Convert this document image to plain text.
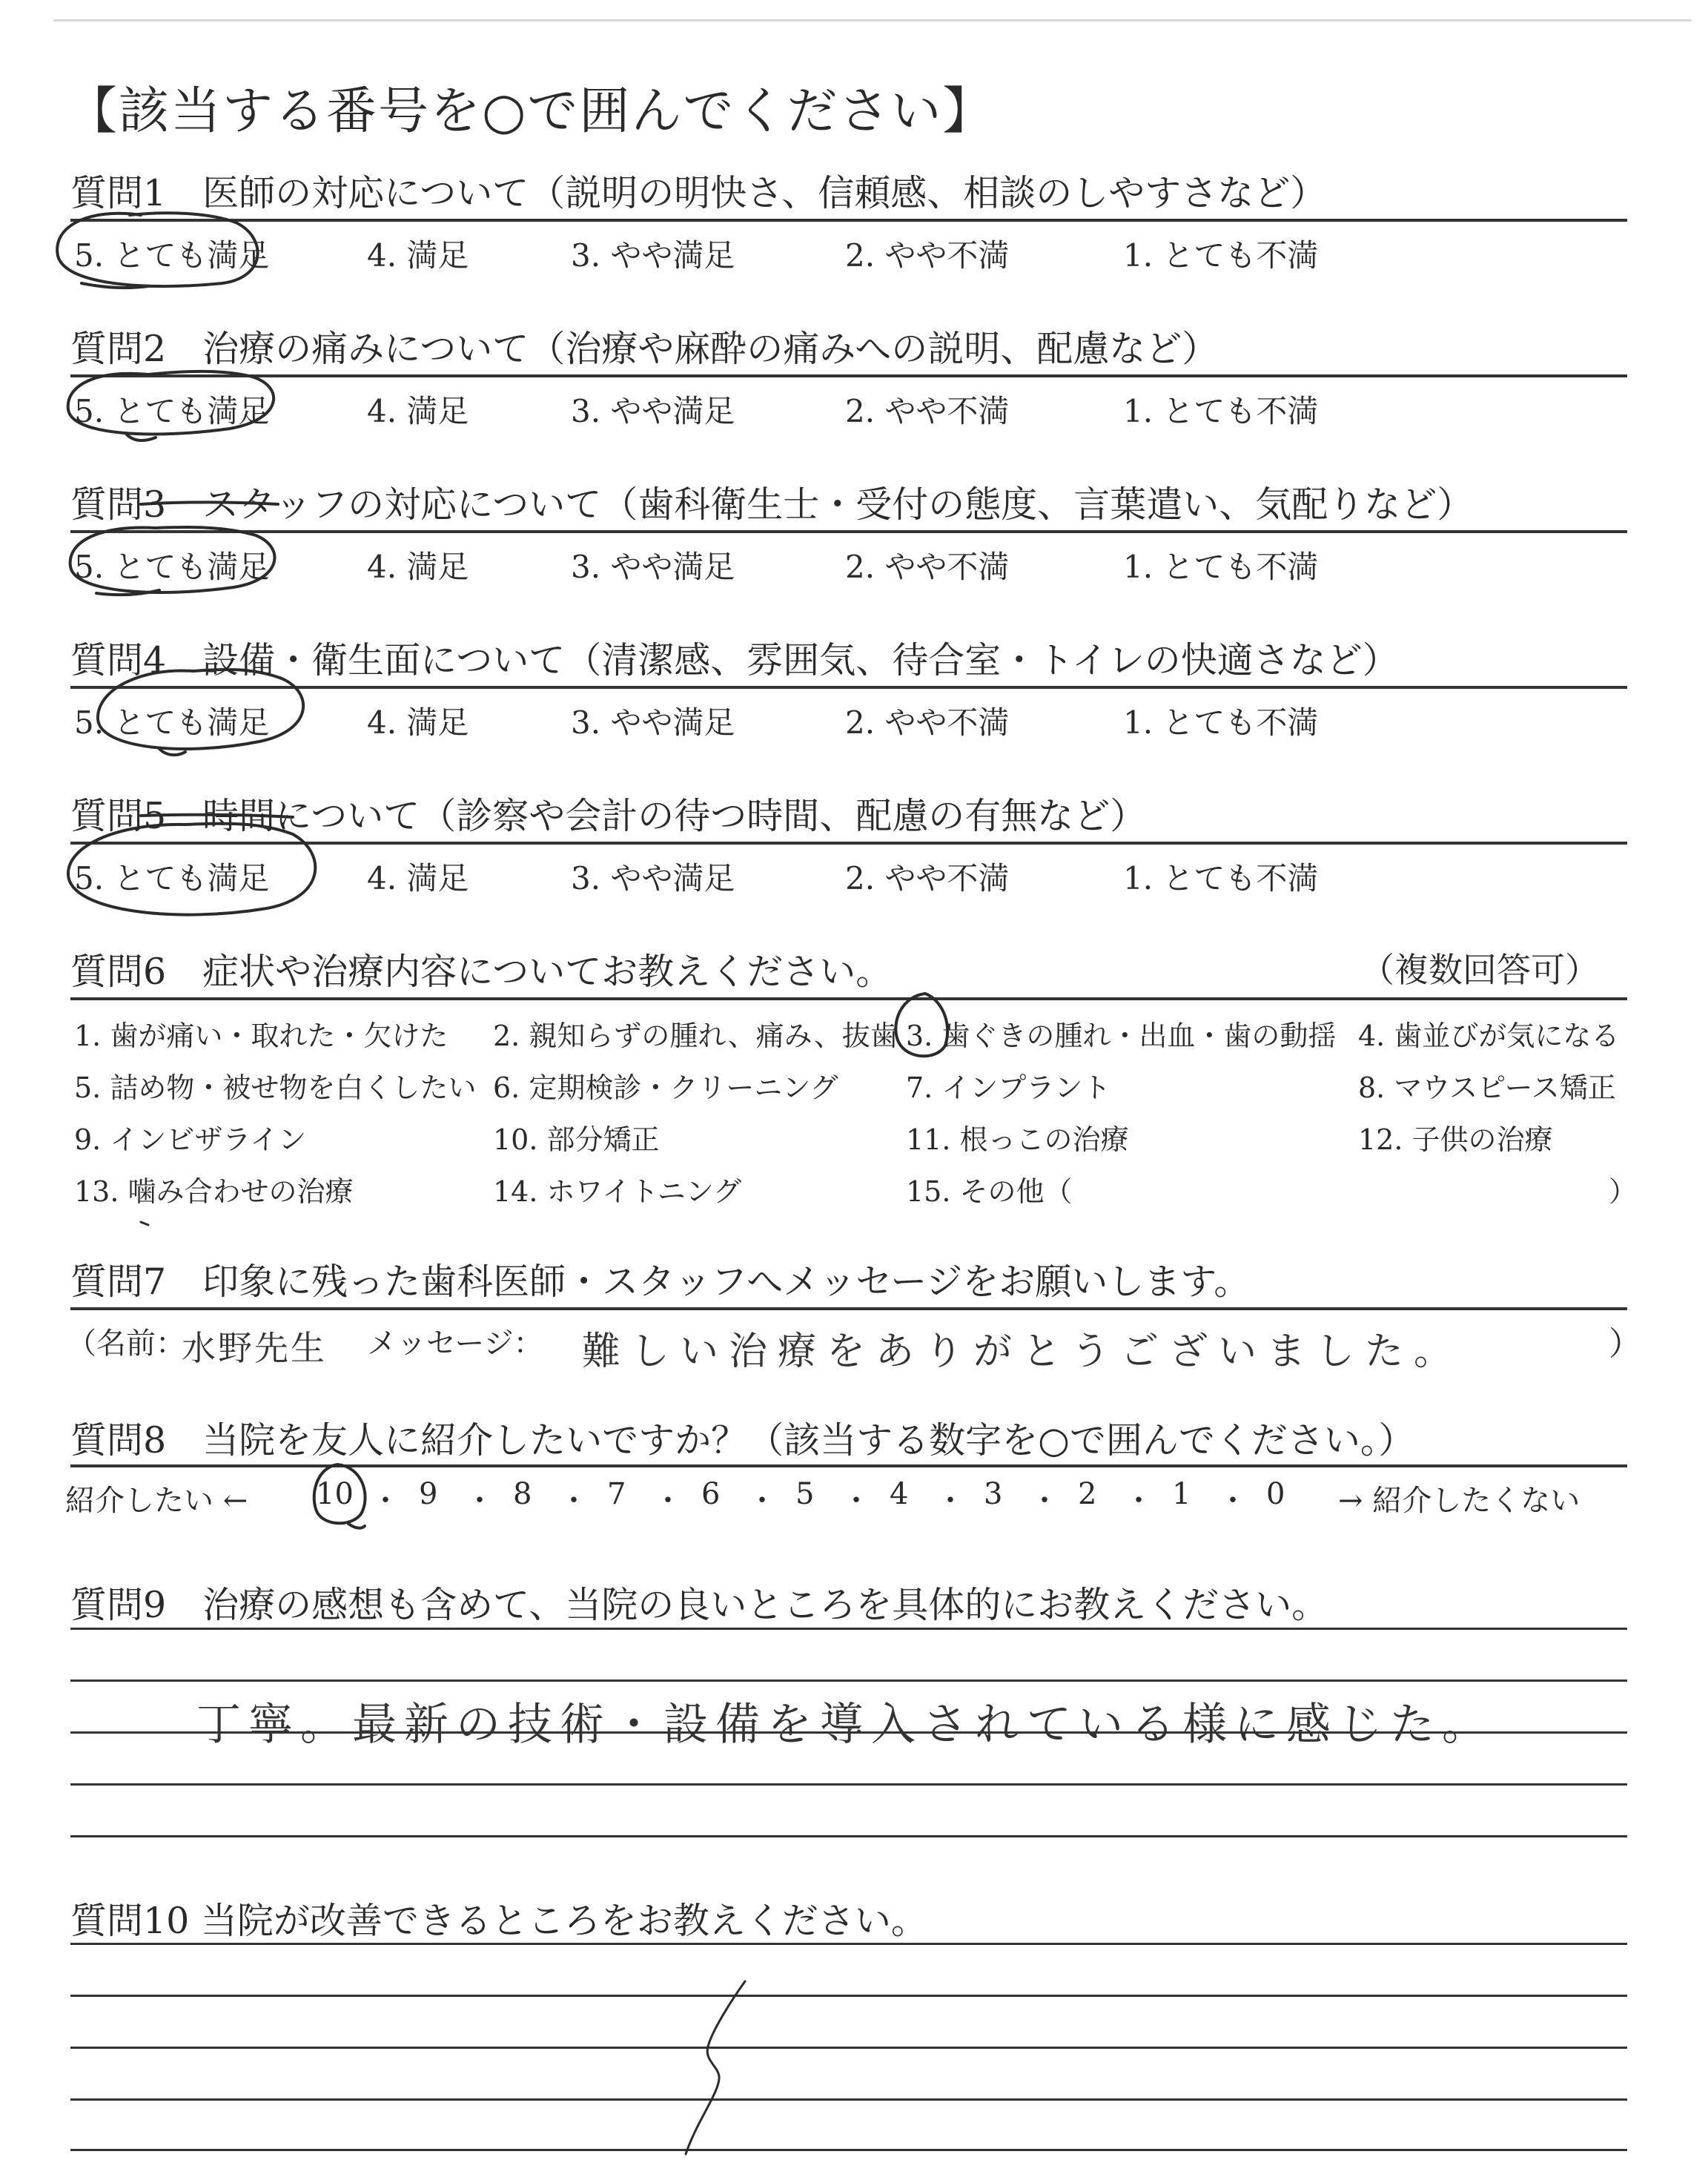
【該当する番号を○で囲んでください】
質問1　医師の対応について（説明の明快さ、信頼感、相談のしやすさなど）
5. とても満足	4. 満足	3. やや満足	2. やや不満	1. とても不満
質問2　治療の痛みについて（治療や麻酔の痛みへの説明、配慮など）
5. とても満足	4. 満足	3. やや満足	2. やや不満	1. とても不満
質問3　スタッフの対応について（歯科衛生士・受付の態度、言葉遣い、気配りなど）
5. とても満足	4. 満足	3. やや満足	2. やや不満	1. とても不満
質問4　設備・衛生面について（清潔感、雰囲気、待合室・トイレの快適さなど）
5. とても満足	4. 満足	3. やや満足	2. やや不満	1. とても不満
質問5　時間について（診察や会計の待つ時間、配慮の有無など）
5. とても満足	4. 満足	3. やや満足	2. やや不満	1. とても不満
質問6　症状や治療内容についてお教えください。	（複数回答可）
1. 歯が痛い・取れた・欠けた 2. 親知らずの腫れ、痛み、抜歯 3. 歯ぐきの腫れ・出血・歯の動揺 4. 歯並びが気になる
5. 詰め物・被せ物を白くしたい 6. 定期検診・クリーニング 7. インプラント	8. マウスピース矯正
9. インビザライン	10. 部分矯正	11. 根っこの治療	12. 子供の治療
13. 噛み合わせの治療	14. ホワイトニング	15. その他（	）
質問7　印象に残った歯科医師・スタッフへメッセージをお願いします。
（名前：
水野先生 メッセージ： 難しい治療をありがとうございました。	）
質問8　当院を友人に紹介したいですか？（該当する数字を○で囲んでください。）
紹介したい ← 10 ・ 9 ・ 8 ・ 7 ・ 6 ・ 5 ・ 4 ・ 3 ・ 2 ・ 1 ・ 0 → 紹介したくない
質問9　治療の感想も含めて、当院の良いところを具体的にお教えください。
丁寧。最新の技術・設備を導入されている様に感じた。
質問10 当院が改善できるところをお教えください。
